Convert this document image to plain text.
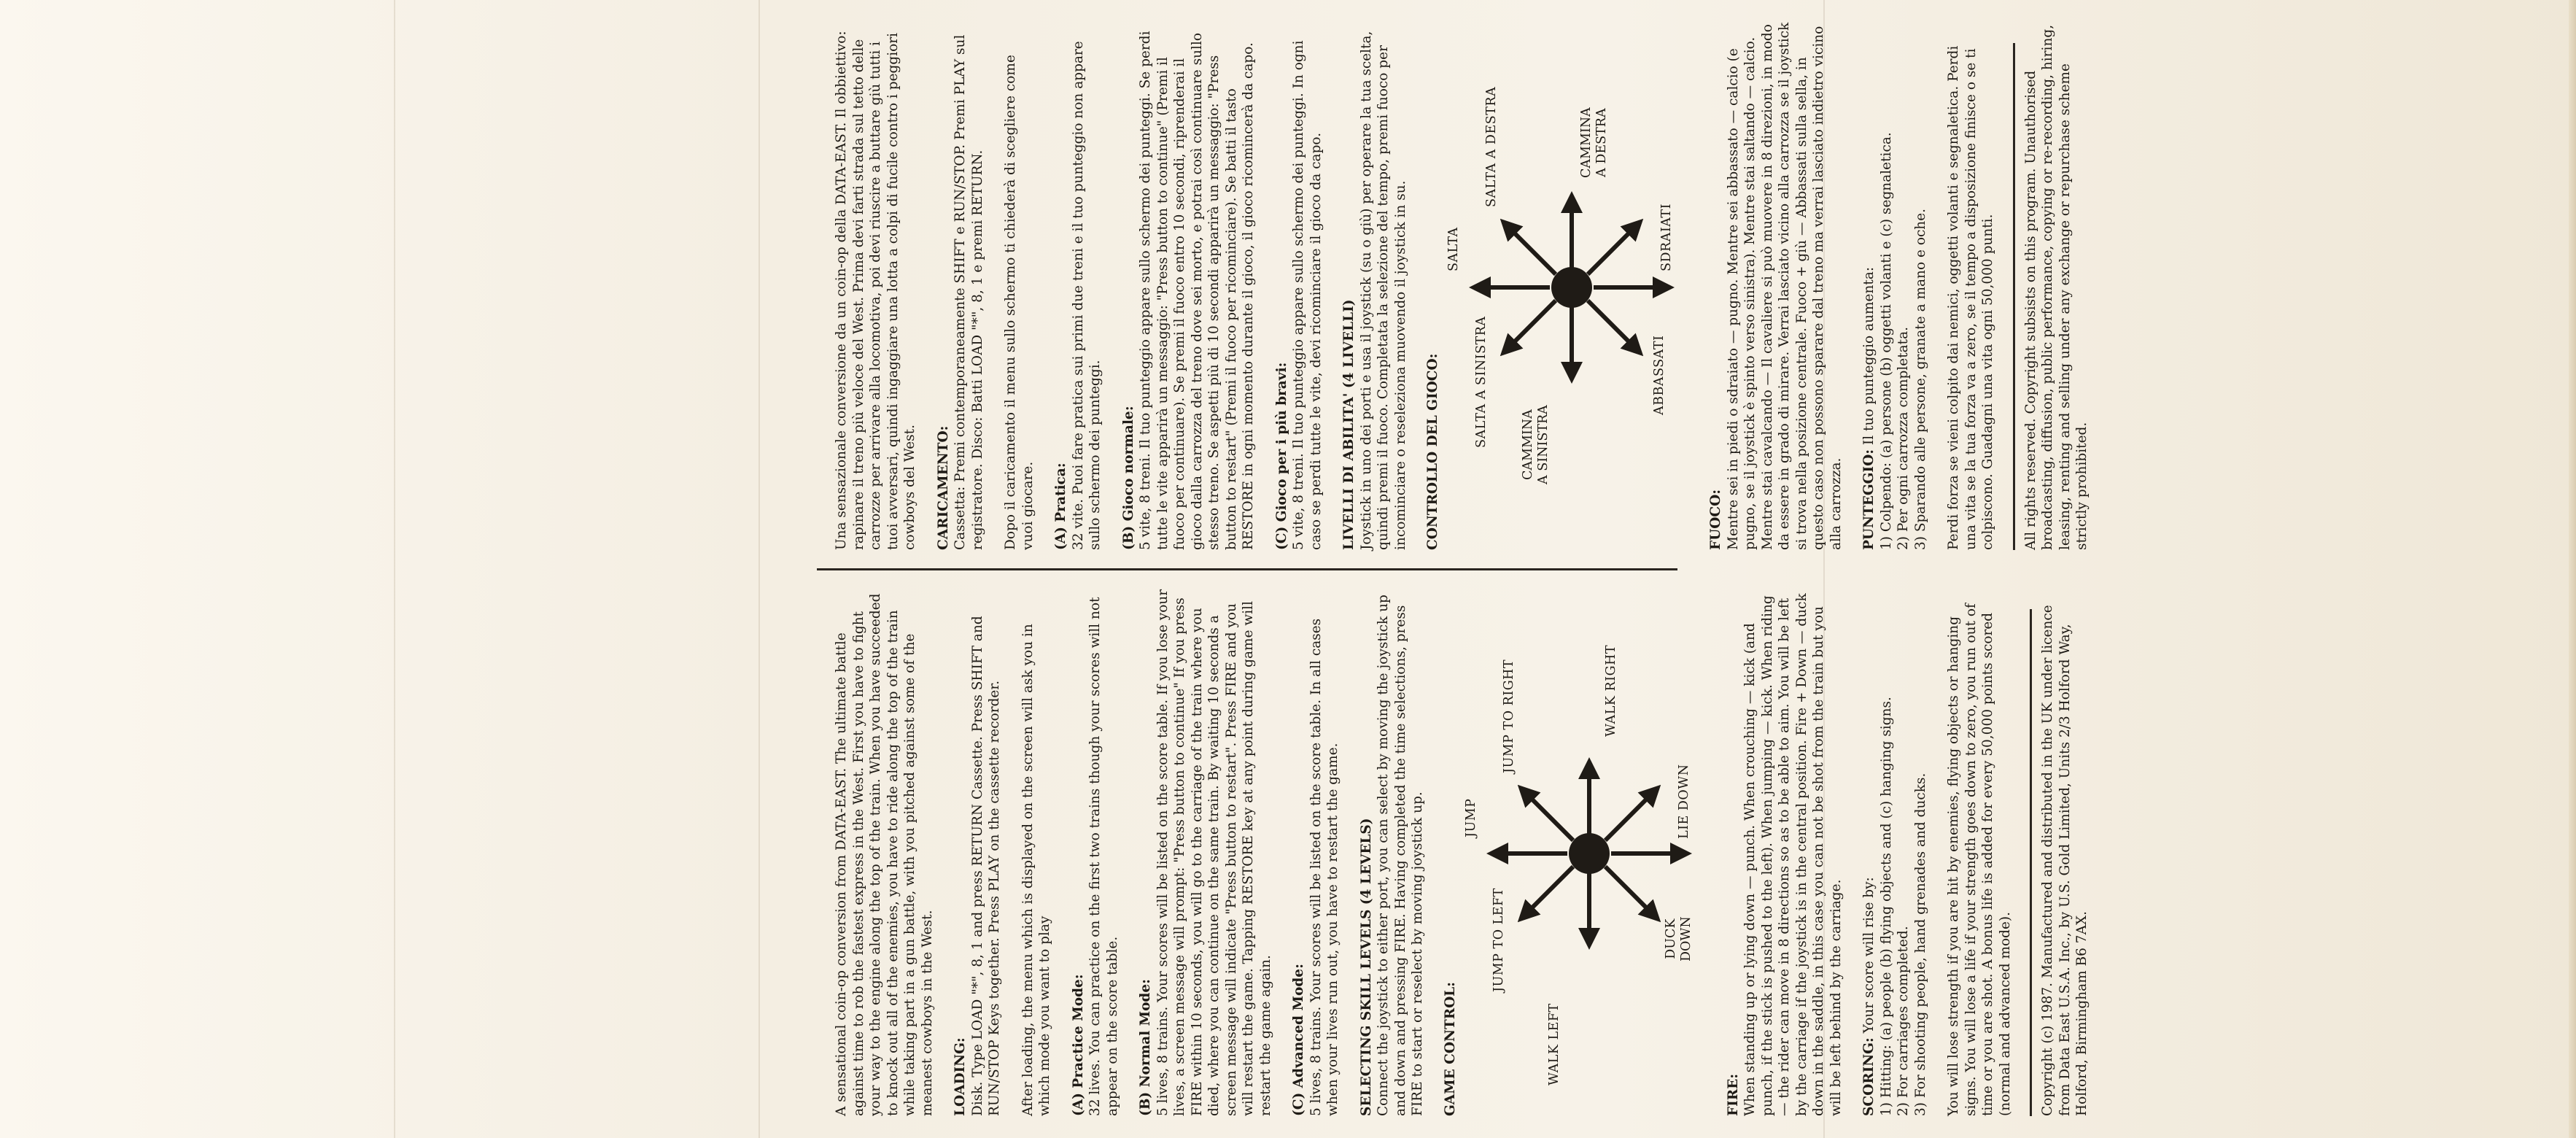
A sensational coin-op conversion from DATA-EAST. The ultimate battle against time to rob the fastest express in the West. First you have to fight your way to the engine along the top of the train. When you have succeeded to knock out all of the enemies, you have to ride along the top of the train while taking part in a gun battle, with you pitched against some of the meanest cowboys in the West. LOADING: Disk. Type LOAD "*", 8, 1 and press RETURN Cassette. Press SHIFT and RUN/STOP Keys together. Press PLAY on the cassette recorder. After loading, the menu which is displayed on the screen will ask you in which mode you want to play (A) Practice Mode: 32 lives. You can practice on the first two trains though your scores will not appear on the score table. (B) Normal Mode: 5 lives, 8 trains. Your scores will be listed on the score table. If you lose your lives, a screen message will prompt: "Press button to continue" If you press FIRE within 10 seconds, you will go to the carriage of the train where you died, where you can continue on the same train. By waiting 10 seconds a screen message will indicate "Press button to restart". Press FIRE and you will restart the game. Tapping RESTORE key at any point during game will restart the game again. (C) Advanced Mode: 5 lives, 8 trains. Your scores will be listed on the score table. In all cases when your lives run out, you have to restart the game. SELECTING SKILL LEVELS (4 LEVELS) Connect the joystick to either port, you can select by moving the joystick up and down and pressing FIRE. Having completed the time selections, press FIRE to start or reselect by moving joystick up. GAME CONTROL:
JUMP
JUMP TO LEFT
JUMP TO RIGHT
WALK LEFT
WALK RIGHT
DUCK
DOWN
LIE DOWN

FIRE: When standing up or lying down — punch. When crouching — kick (and punch, if the stick is pushed to the left). When jumping — kick. When riding — the rider can move in 8 directions so as to be able to aim. You will be left by the carriage if the joystick is in the central position. Fire + Down — duck down in the saddle, in this case you can not be shot from the train but you will be left behind by the carriage. SCORING: Your score will rise by: 1) Hitting: (a) people (b) flying objects and (c) hanging signs. 2) For carriages completed. 3) For shooting people, hand grenades and ducks. You will lose strength if you are hit by enemies, flying objects or hanging signs. You will lose a life if your strength goes down to zero, you run out of time or you are shot. A bonus life is added for every 50,000 points scored (normal and advanced mode). Copyright (c) 1987. Manufactured and distributed in the UK under licence from Data East U.S.A. Inc., by U.S. Gold Limited, Units 2/3 Holford Way, Holford, Birmingham B6 7AX.

Una sensazionale conversione da un coin-op della DATA-EAST. Il obbiettivo: rapinare il treno più veloce del West. Prima devi farti strada sul tetto delle carrozze per arrivare alla locomotiva, poi devi riuscire a buttare giù tutti i tuoi avversari, quindi ingaggiare una lotta a colpi di fucile contro i peggiori cowboys del West. CARICAMENTO: Cassetta: Premi contemporaneamente SHIFT e RUN/STOP. Premi PLAY sul registratore. Disco: Batti LOAD "*", 8, 1 e premi RETURN. Dopo il caricamento il menu sullo schermo ti chiederà di scegliere come vuoi giocare. (A) Pratica: 32 vite. Puoi fare pratica sui primi due treni e il tuo punteggio non appare sullo schermo dei punteggi. (B) Gioco normale: 5 vite, 8 treni. Il tuo punteggio appare sullo schermo dei punteggi. Se perdi tutte le vite apparirà un messaggio: "Press button to continue" (Premi il fuoco per continuare). Se premi il fuoco entro 10 secondi, riprenderai il gioco dalla carrozza del treno dove sei morto, e potrai così continuare sullo stesso treno. Se aspetti più di 10 secondi apparirà un messaggio: "Press button to restart" (Premi il fuoco per ricominciare). Se batti il tasto RESTORE in ogni momento durante il gioco, il gioco ricomincerà da capo. (C) Gioco per i più bravi: 5 vite, 8 treni. Il tuo punteggio appare sullo schermo dei punteggi. In ogni caso se perdi tutte le vite, devi ricominciare il gioco da capo. LIVELLI DI ABILITA' (4 LIVELLI) Joystick in uno dei porti e usa il joystick (su o giù) per operare la tua scelta, quindi premi il fuoco. Completata la selezione del tempo, premi fuoco per incominciare o reseleziona muovendo il joystick in su. CONTROLLO DEL GIOCO:
SALTA
SALTA A SINISTRA
SALTA A DESTRA
CAMMINA
A SINISTRA
CAMMINA
A DESTRA
ABBASSATI
SDRAIATI

FUOCO: Mentre sei in piedi o sdraiato — pugno. Mentre sei abbassato — calcio (e pugno, se il joystick è spinto verso sinistra). Mentre stai saltando — calcio. Mentre stai cavalcando — Il cavaliere si può muovere in 8 direzioni, in modo da essere in grado di mirare. Verrai lasciato vicino alla carrozza se il joystick si trova nella posizione centrale. Fuoco + giù — Abbassati sulla sella, in questo caso non possono sparare dal treno ma verrai lasciato indietro vicino alla carrozza. PUNTEGGIO: Il tuo punteggio aumenta: 1) Colpendo: (a) persone (b) oggetti volanti e (c) segnaletica. 2) Per ogni carrozza completata. 3) Sparando alle persone, granate a mano e oche. Perdi forza se vieni colpito dai nemici, oggetti volanti e segnaletica. Perdi una vita se la tua forza va a zero, se il tempo a disposizione finisce o se ti colpiscono. Guadagni una vita ogni 50,000 punti. All rights reserved. Copyright subsists on this program. Unauthorised broadcasting, diffusion, public performance, copying or re-recording, hiring, leasing, renting and selling under any exchange or repurchase scheme strictly prohibited.
